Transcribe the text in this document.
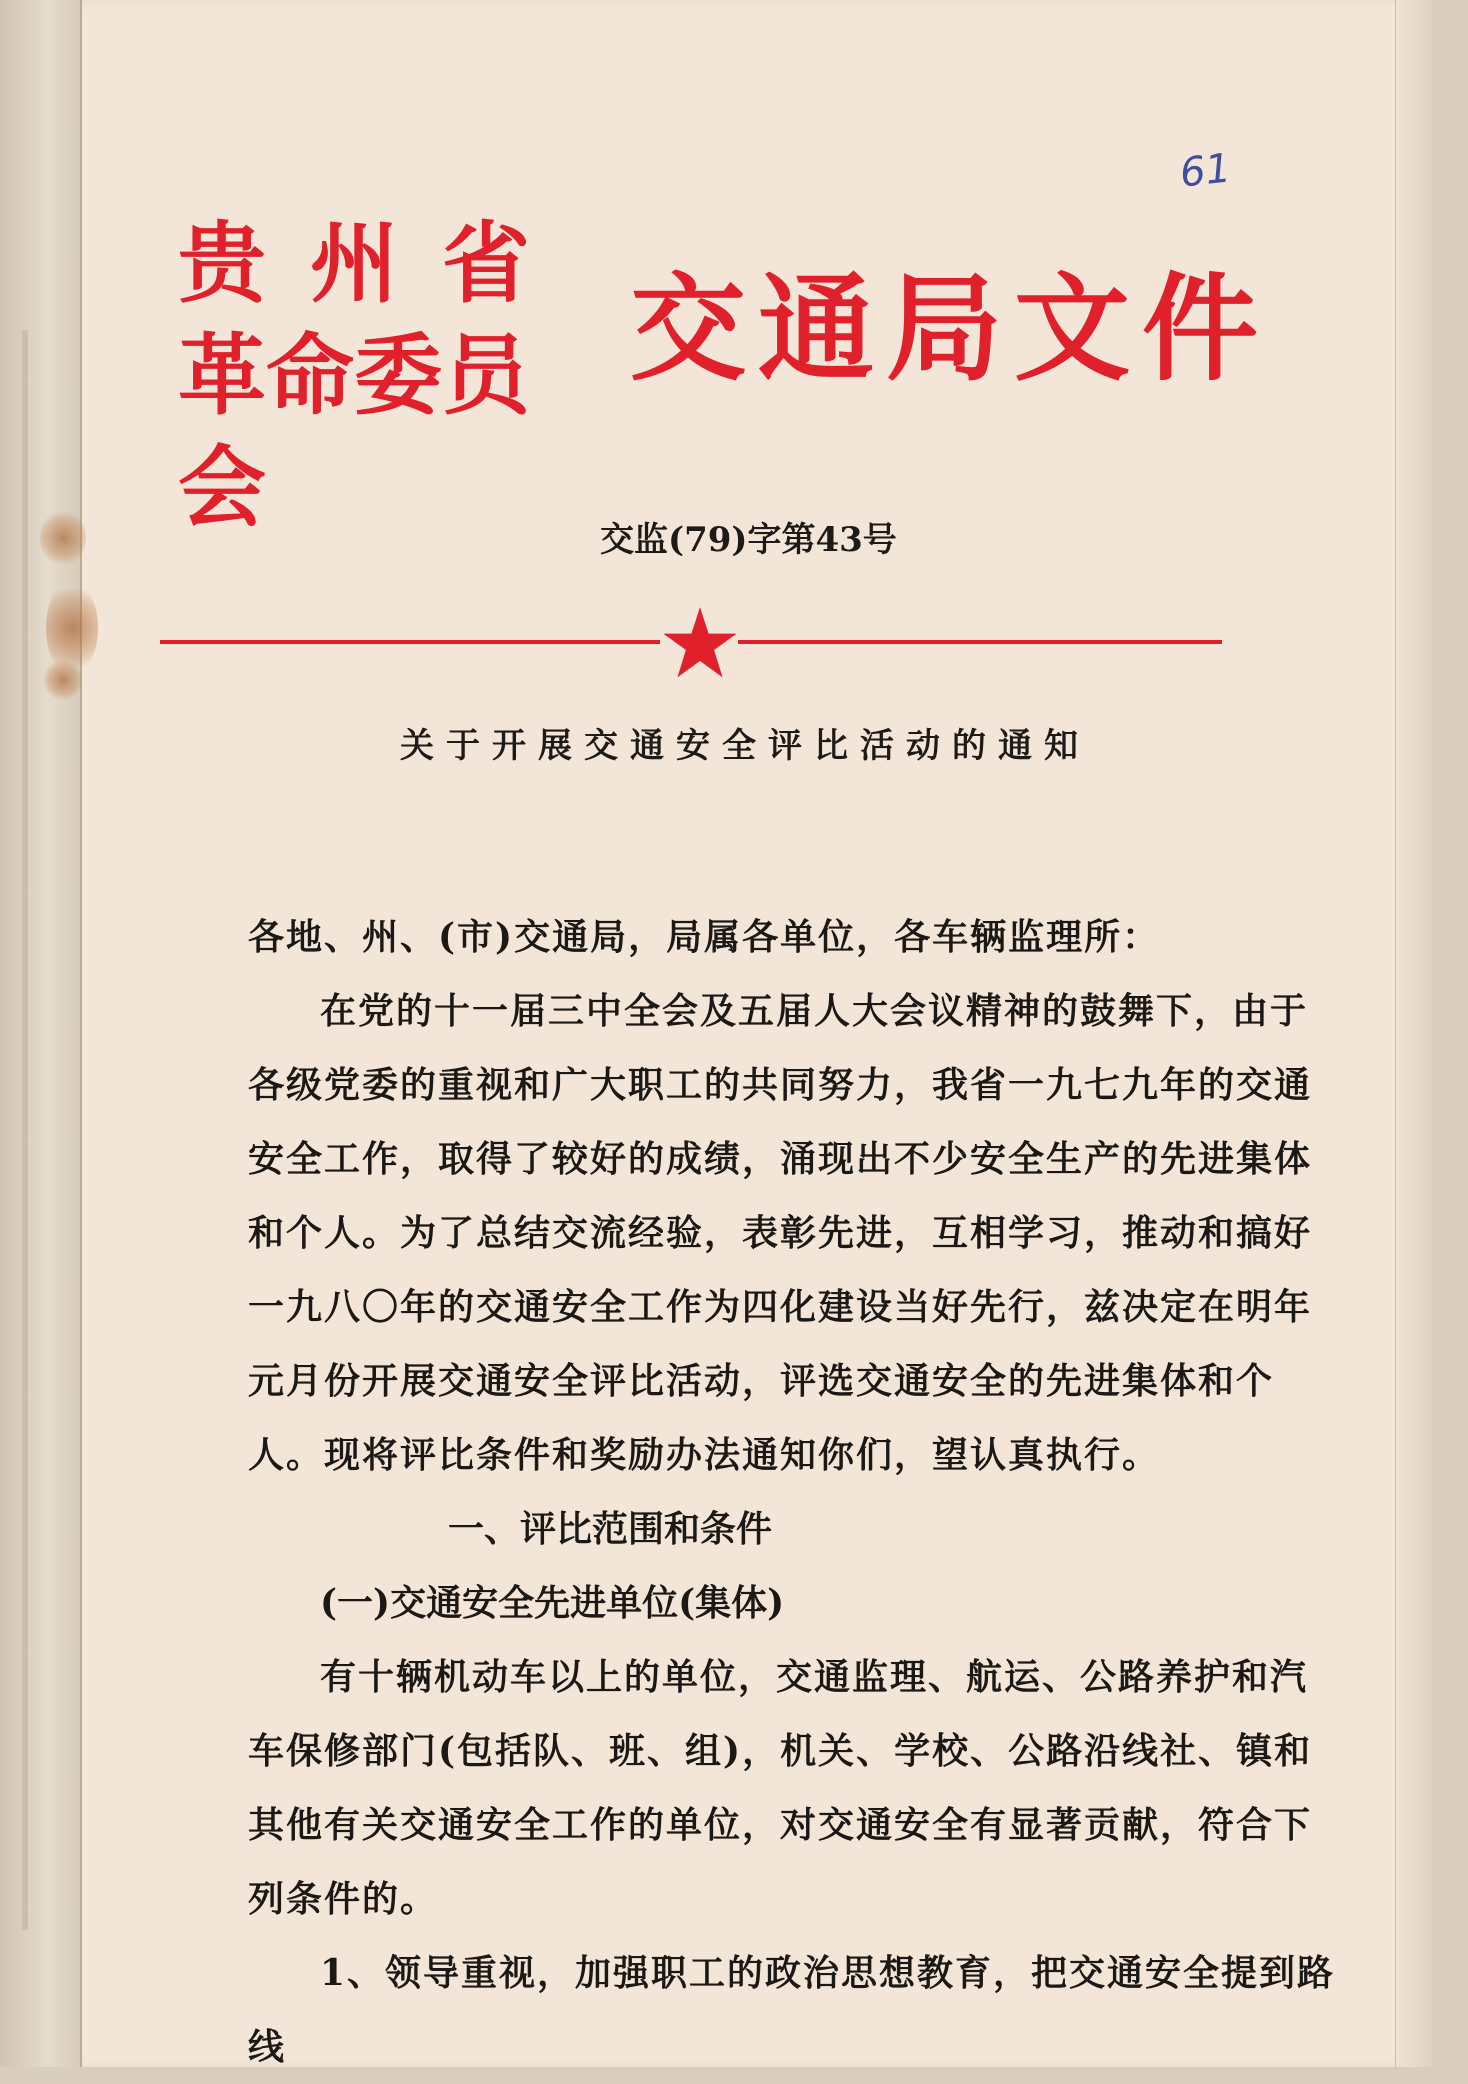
61
贵州省
革命委员会
交通局文件
交监(79)字第43号
关于开展交通安全评比活动的通知

各地、州、(市)交通局，局属各单位，各车辆监理所：

在党的十一届三中全会及五届人大会议精神的鼓舞下，由于各级党委的重视和广大职工的共同努力，我省一九七九年的交通安全工作，取得了较好的成绩，涌现出不少安全生产的先进集体和个人。为了总结交流经验，表彰先进，互相学习，推动和搞好一九八〇年的交通安全工作为四化建设当好先行，兹决定在明年元月份开展交通安全评比活动，评选交通安全的先进集体和个人。现将评比条件和奖励办法通知你们，望认真执行。

一、评比范围和条件

(一)交通安全先进单位(集体)

有十辆机动车以上的单位，交通监理、航运、公路养护和汽车保修部门(包括队、班、组)，机关、学校、公路沿线社、镇和其他有关交通安全工作的单位，对交通安全有显著贡献，符合下列条件的。

1、领导重视，加强职工的政治思想教育，把交通安全提到路线
